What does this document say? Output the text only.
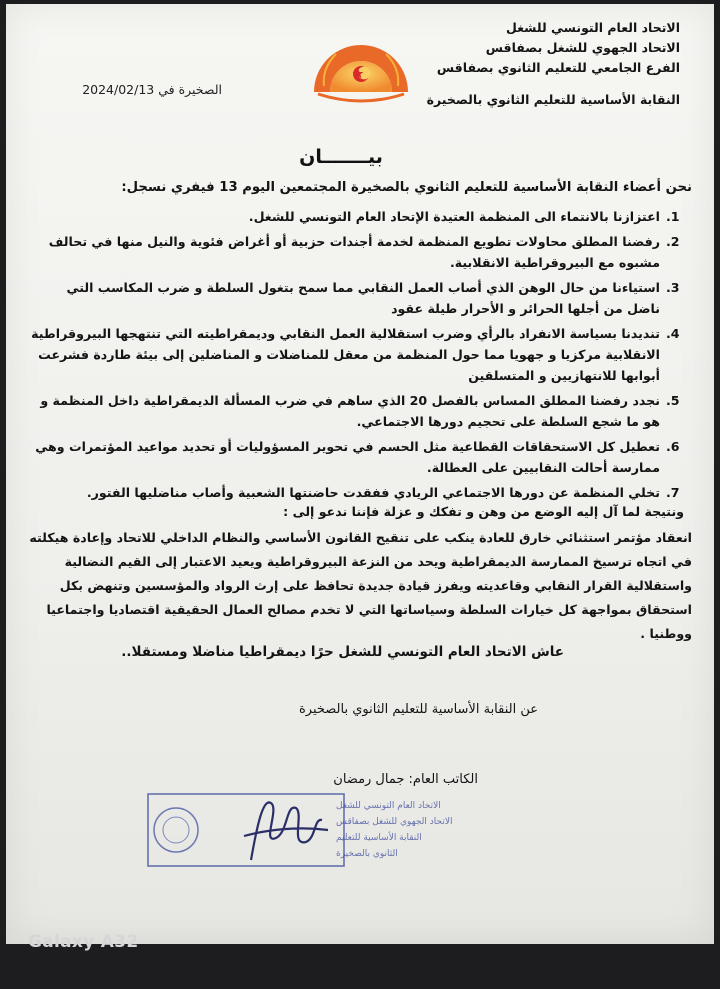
الاتحاد العام التونسي للشغل
الاتحاد الجهوي للشغل بصفاقس
الفرع الجامعي للتعليم الثانوي بصفاقس
النقابة الأساسية للتعليم الثانوي بالصخيرة
الصخيرة في 2024/02/13
بيـــــــان
نحن أعضاء النقابة الأساسية للتعليم الثانوي بالصخيرة المجتمعين اليوم 13 فيفري نسجل:
1.
اعتزازنا بالانتماء الى المنظمة العتيدة الإتحاد العام التونسي للشغل.
2.
رفضنا المطلق محاولات تطويع المنظمة لخدمة أجندات حزبية أو أغراض فئوية والنيل منها في تحالف مشبوه مع البيروقراطية الانقلابية.
3.
استياءنا من حال الوهن الذي أصاب العمل النقابي مما سمح بتغول السلطة و ضرب المكاسب التي ناضل من أجلها الحرائر و الأحرار طيلة عقود
4.
تنديدنا بسياسة الانفراد بالرأي وضرب استقلالية العمل النقابي وديمقراطيته التي تنتهجها البيروقراطية الانقلابية مركزيا و جهويا مما حول المنظمة من معقل للمناضلات و المناضلين إلى بيئة طاردة فشرعت أبوابها للانتهازيين و المتسلقين
5.
نجدد رفضنا المطلق المساس بالفصل 20 الذي ساهم في ضرب المسألة الديمقراطية داخل المنظمة و هو ما شجع السلطة على تحجيم دورها الاجتماعي.
6.
تعطيل كل الاستحقاقات القطاعية مثل الحسم في تحوير المسؤوليات أو تحديد مواعيد المؤتمرات وهي ممارسة أحالت النقابيين على العطالة.
7.
تخلي المنظمة عن دورها الاجتماعي الريادي ففقدت حاضنتها الشعبية وأصاب مناضليها الفتور.
ونتيجة لما آل إليه الوضع من وهن و تفكك و عزلة فإننا ندعو إلى :
انعقاد مؤتمر استثنائي خارق للعادة ينكب على تنقيح القانون الأساسي والنظام الداخلي للاتحاد وإعادة هيكلته في اتجاه ترسيخ الممارسة الديمقراطية ويحد من النزعة البيروقراطية ويعيد الاعتبار إلى القيم النضالية واستقلالية القرار النقابي وقاعديته ويفرز قيادة جديدة تحافظ على إرث الرواد والمؤسسين وتنهض بكل استحقاق بمواجهة كل خيارات السلطة وسياساتها التي لا تخدم مصالح العمال الحقيقية اقتصاديا واجتماعيا ووطنيا .
عاش الاتحاد العام التونسي للشغل حرًا ديمقراطيا مناضلا ومستقلا..
عن النقابة الأساسية للتعليم الثانوي بالصخيرة
الكاتب العام: جمال رمضان
الاتحاد العام التونسي للشغل
الاتحاد الجهوي للشغل بصفاقس
النقابة الأساسية للتعليم
الثانوي بالصخيرة
Galaxy A32
